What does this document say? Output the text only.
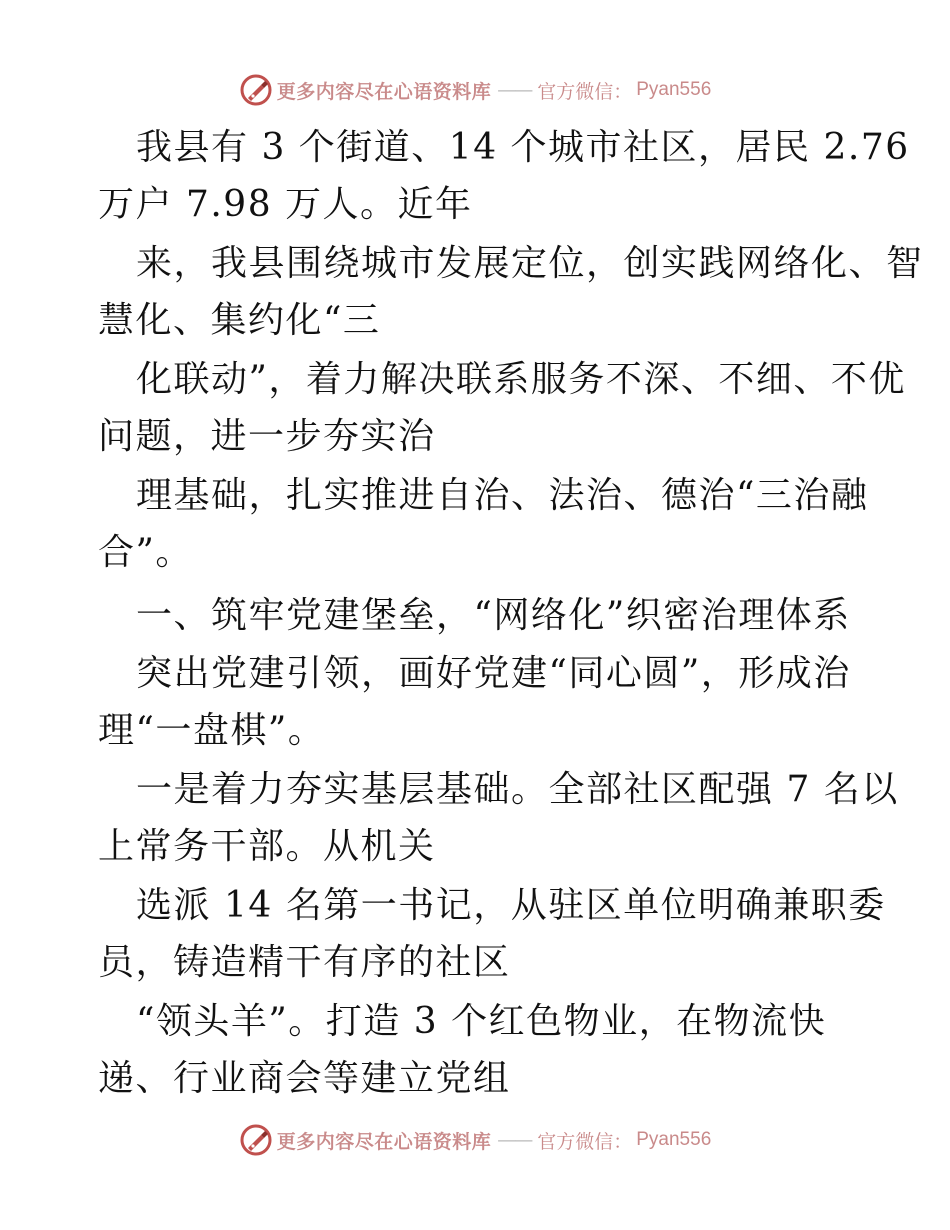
更多内容尽在心语资料库 —— 官方微信： Pyan556
我县有 3 个街道、14 个城市社区，居民 2.76
万户 7.98 万人。近年
来，我县围绕城市发展定位，创实践网络化、智
慧化、集约化“三
化联动”，着力解决联系服务不深、不细、不优
问题，进一步夯实治
理基础，扎实推进自治、法治、德治“三治融
合”。
一、筑牢党建堡垒，“网络化”织密治理体系
突出党建引领，画好党建“同心圆”，形成治
理“一盘棋”。
一是着力夯实基层基础。全部社区配强 7 名以
上常务干部。从机关
选派 14 名第一书记，从驻区单位明确兼职委
员，铸造精干有序的社区
“领头羊”。打造 3 个红色物业，在物流快
递、行业商会等建立党组
更多内容尽在心语资料库 —— 官方微信： Pyan556
